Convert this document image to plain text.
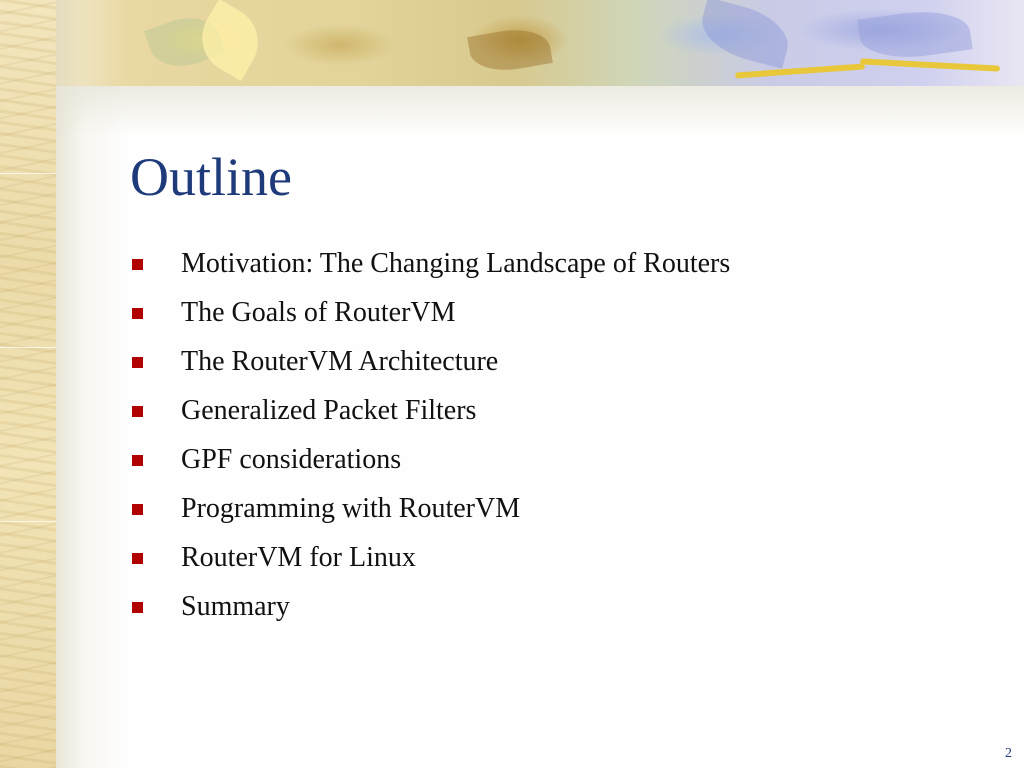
Outline
Motivation: The Changing Landscape of Routers
The Goals of RouterVM
The RouterVM Architecture
Generalized Packet Filters
GPF considerations
Programming with RouterVM
RouterVM for Linux
Summary
2
